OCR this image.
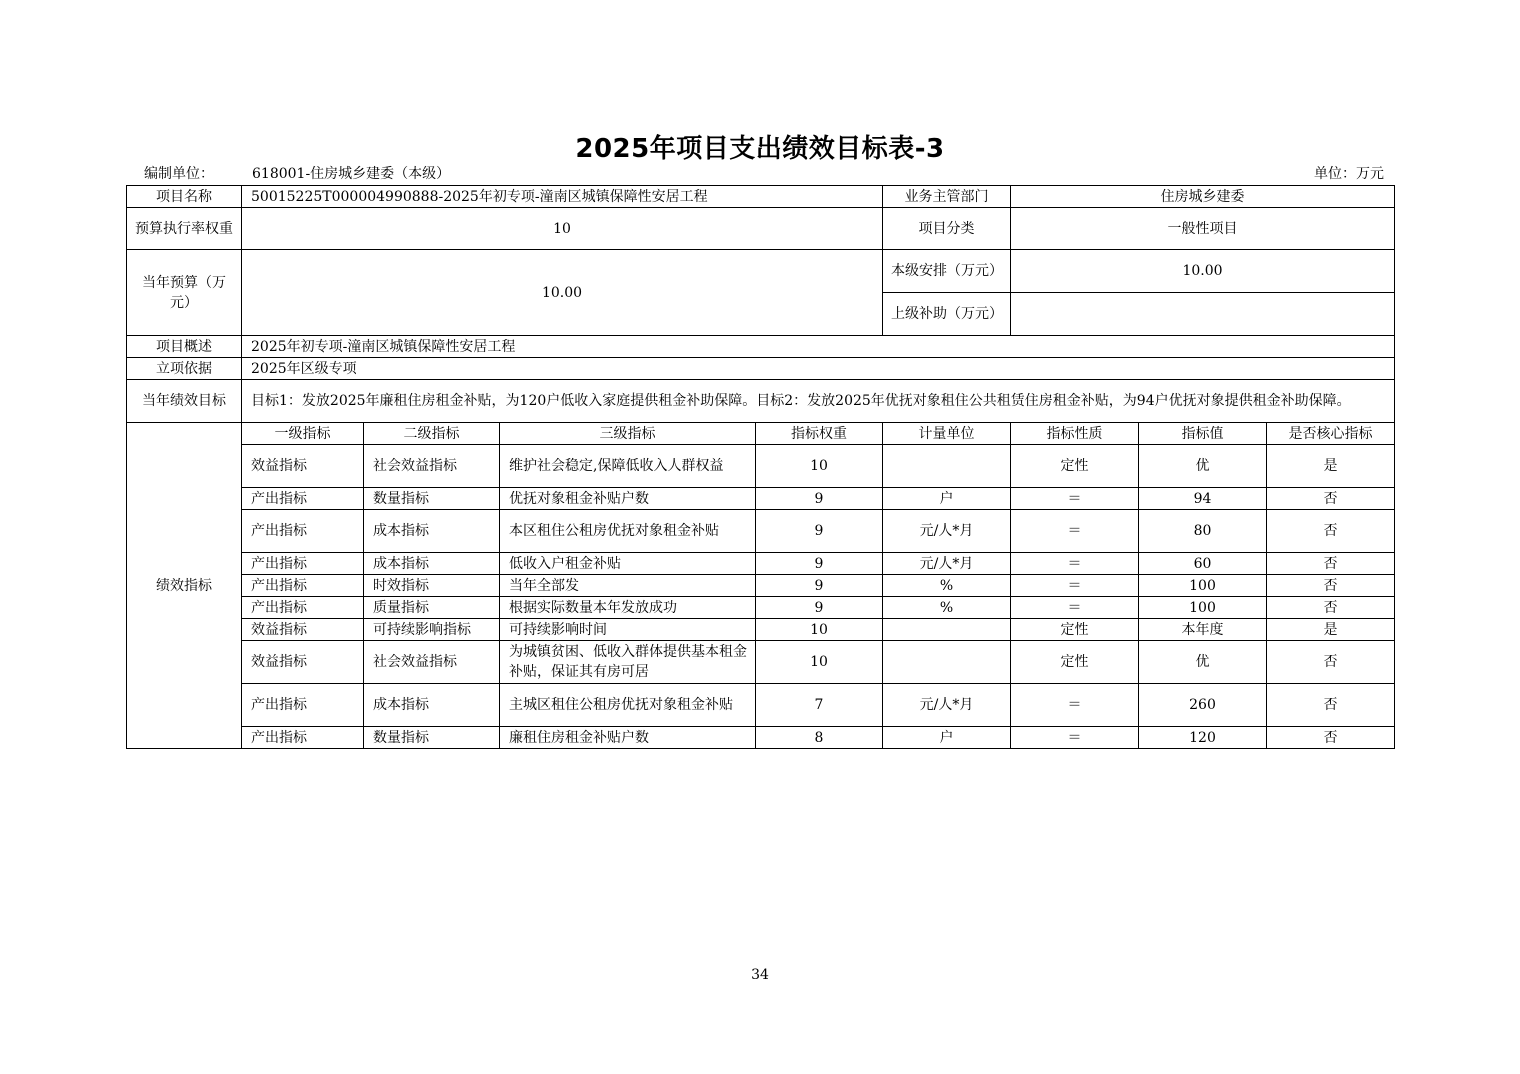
2025年项目支出绩效目标表-3
编制单位：	618001-住房城乡建委（本级）	单位：万元
项目名称	50015225T000004990888-2025年初专项-潼南区城镇保障性安居工程				业务主管部门	住房城乡建委		
预算执行率权重	10				项目分类	一般性项目		
当年预算（万元）	10.00				本级安排（万元）	10.00		
					上级补助（万元）			
项目概述	2025年初专项-潼南区城镇保障性安居工程							
立项依据	2025年区级专项							
当年绩效目标	目标1：发放2025年廉租住房租金补贴，为120户低收入家庭提供租金补助保障。目标2：发放2025年优抚对象租住公共租赁住房租金补贴，为94户优抚对象提供租金补助保障。							
绩效指标	一级指标	二级指标	三级指标	指标权重	计量单位	指标性质	指标值	是否核心指标
	效益指标	社会效益指标	维护社会稳定,保障低收入人群权益	10		定性	优	是
	产出指标	数量指标	优抚对象租金补贴户数	9	户	＝	94	否
	产出指标	成本指标	本区租住公租房优抚对象租金补贴	9	元/人*月	＝	80	否
	产出指标	成本指标	低收入户租金补贴	9	元/人*月	＝	60	否
	产出指标	时效指标	当年全部发	9	%	＝	100	否
	产出指标	质量指标	根据实际数量本年发放成功	9	%	＝	100	否
	效益指标	可持续影响指标	可持续影响时间	10		定性	本年度	是
	效益指标	社会效益指标	为城镇贫困、低收入群体提供基本租金补贴，保证其有房可居	10		定性	优	否
	产出指标	成本指标	主城区租住公租房优抚对象租金补贴	7	元/人*月	＝	260	否
	产出指标	数量指标	廉租住房租金补贴户数	8	户	＝	120	否
34
